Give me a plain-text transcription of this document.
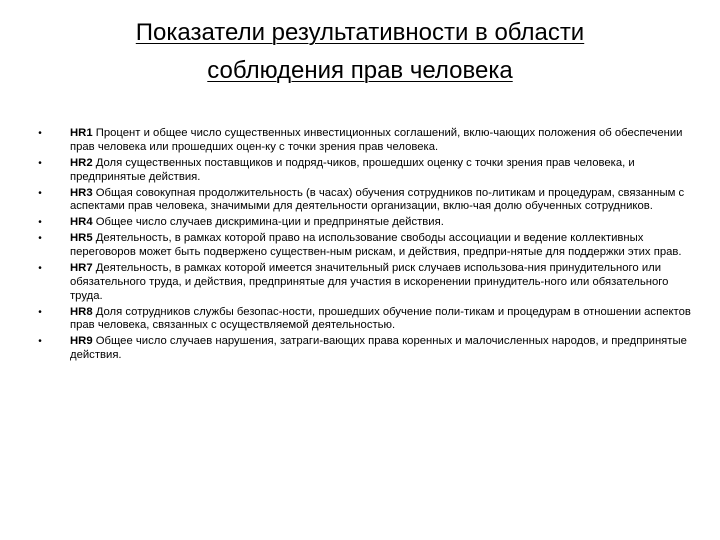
Показатели результативности в области
соблюдения прав человека
•	HR1 Процент и общее число существенных инвестиционных соглашений, вклю-чающих положения об обеспечении прав человека или прошедших оцен-ку с точки зрения прав человека.
•	HR2 Доля существенных поставщиков и подряд-чиков, прошедших оценку с точки зрения прав человека, и предпринятые действия.
•	HR3 Общая совокупная продолжительность (в часах) обучения сотрудников по-литикам и процедурам, связанным с аспектами прав человека, значимыми для деятельности организации, вклю-чая долю обученных сотрудников.
•	HR4 Общее число случаев дискримина-ции и предпринятые действия.
•	HR5 Деятельность, в рамках которой право на использование свободы ассоциации и ведение коллективных переговоров может быть подвержено существен-ным рискам, и действия, предпри-нятые для поддержки этих прав.
•	HR7 Деятельность, в рамках которой имеется значительный риск случаев использова-ния принудительного или обязательного труда, и действия, предпринятые для участия в искоренении принудитель-ного или обязательного труда.
•	HR8 Доля сотрудников службы безопас-ности, прошедших обучение поли-тикам и процедурам в отношении аспектов прав человека, связанных с осуществляемой деятельностью.
•	HR9 Общее число случаев нарушения, затраги-вающих права коренных и малочисленных народов, и предпринятые действия.
